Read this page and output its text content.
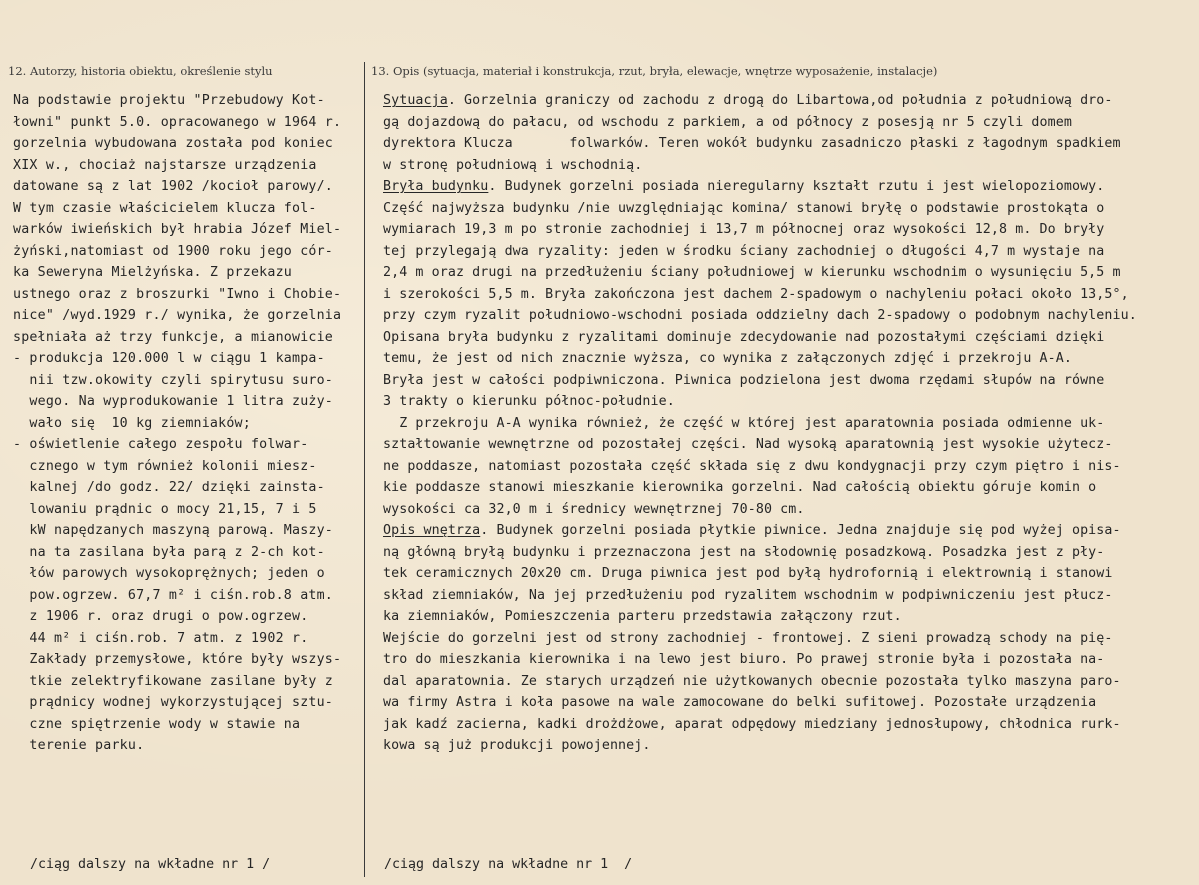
12. Autorzy, historia obiektu, określenie stylu	13. Opis (sytuacja, materiał i konstrukcja, rzut, bryła, elewacje, wnętrze wyposażenie, instalacje)
Na podstawie projektu "Przebudowy Kot-
łowni" punkt 5.0. opracowanego w 1964 r.
gorzelnia wybudowana została pod koniec
XIX w., chociaż najstarsze urządzenia
datowane są z lat 1902 /kocioł parowy/.
W tym czasie właścicielem klucza fol-
warków iwieńskich był hrabia Józef Miel-
żyński,natomiast od 1900 roku jego cór-
ka Seweryna Mielżyńska. Z przekazu
ustnego oraz z broszurki "Iwno i Chobie-
nice" /wyd.1929 r./ wynika, że gorzelnia
spełniała aż trzy funkcje, a mianowicie
- produkcja 120.000 l w ciągu 1 kampa-
nii tzw.okowity czyli spirytusu suro-
wego. Na wyprodukowanie 1 litra zuży-
wało się  10 kg ziemniaków;
- oświetlenie całego zespołu folwar-
cznego w tym również kolonii miesz-
kalnej /do godz. 22/ dzięki zainsta-
lowaniu prądnic o mocy 21,15, 7 i 5
kW napędzanych maszyną parową. Maszy-
na ta zasilana była parą z 2-ch kot-
łów parowych wysokoprężnych; jeden o
pow.ogrzew. 67,7 m² i ciśn.rob.8 atm.
z 1906 r. oraz drugi o pow.ogrzew.
44 m² i ciśn.rob. 7 atm. z 1902 r.
Zakłady przemysłowe, które były wszys-
tkie zelektryfikowane zasilane były z
prądnicy wodnej wykorzystującej sztu-
czne spiętrzenie wody w stawie na
terenie parku.
Sytuacja. Gorzelnia graniczy od zachodu z drogą do Libartowa,od południa z południową dro-
gą dojazdową do pałacu, od wschodu z parkiem, a od północy z posesją nr 5 czyli domem
dyrektora Klucza       folwarków. Teren wokół budynku zasadniczo płaski z łagodnym spadkiem
w stronę południową i wschodnią.
Bryła budynku. Budynek gorzelni posiada nieregularny kształt rzutu i jest wielopoziomowy.
Część najwyższa budynku /nie uwzględniając komina/ stanowi bryłę o podstawie prostokąta o
wymiarach 19,3 m po stronie zachodniej i 13,7 m północnej oraz wysokości 12,8 m. Do bryły
tej przylegają dwa ryzality: jeden w środku ściany zachodniej o długości 4,7 m wystaje na
2,4 m oraz drugi na przedłużeniu ściany południowej w kierunku wschodnim o wysunięciu 5,5 m
i szerokości 5,5 m. Bryła zakończona jest dachem 2-spadowym o nachyleniu połaci około 13,5°,
przy czym ryzalit południowo-wschodni posiada oddzielny dach 2-spadowy o podobnym nachyleniu.
Opisana bryła budynku z ryzalitami dominuje zdecydowanie nad pozostałymi częściami dzięki
temu, że jest od nich znacznie wyższa, co wynika z załączonych zdjęć i przekroju A-A.
Bryła jest w całości podpiwniczona. Piwnica podzielona jest dwoma rzędami słupów na równe
3 trakty o kierunku północ-południe.
Z przekroju A-A wynika również, że część w której jest aparatownia posiada odmienne uk-
ształtowanie wewnętrzne od pozostałej części. Nad wysoką aparatownią jest wysokie użytecz-
ne poddasze, natomiast pozostała część składa się z dwu kondygnacji przy czym piętro i nis-
kie poddasze stanowi mieszkanie kierownika gorzelni. Nad całością obiektu góruje komin o
wysokości ca 32,0 m i średnicy wewnętrznej 70-80 cm.
Opis wnętrza. Budynek gorzelni posiada płytkie piwnice. Jedna znajduje się pod wyżej opisa-
ną główną bryłą budynku i przeznaczona jest na słodownię posadzkową. Posadzka jest z pły-
tek ceramicznych 20x20 cm. Druga piwnica jest pod byłą hydrofornią i elektrownią i stanowi
skład ziemniaków, Na jej przedłużeniu pod ryzalitem wschodnim w podpiwniczeniu jest płucz-
ka ziemniaków, Pomieszczenia parteru przedstawia załączony rzut.
Wejście do gorzelni jest od strony zachodniej - frontowej. Z sieni prowadzą schody na pię-
tro do mieszkania kierownika i na lewo jest biuro. Po prawej stronie była i pozostała na-
dal aparatownia. Ze starych urządzeń nie użytkowanych obecnie pozostała tylko maszyna paro-
wa firmy Astra i koła pasowe na wale zamocowane do belki sufitowej. Pozostałe urządzenia
jak kadź zacierna, kadki drożdżowe, aparat odpędowy miedziany jednosłupowy, chłodnica rurk-
kowa są już produkcji powojennej.
/ciąg dalszy na wkładne nr 1 /	/ciąg dalszy na wkładne nr 1  /
